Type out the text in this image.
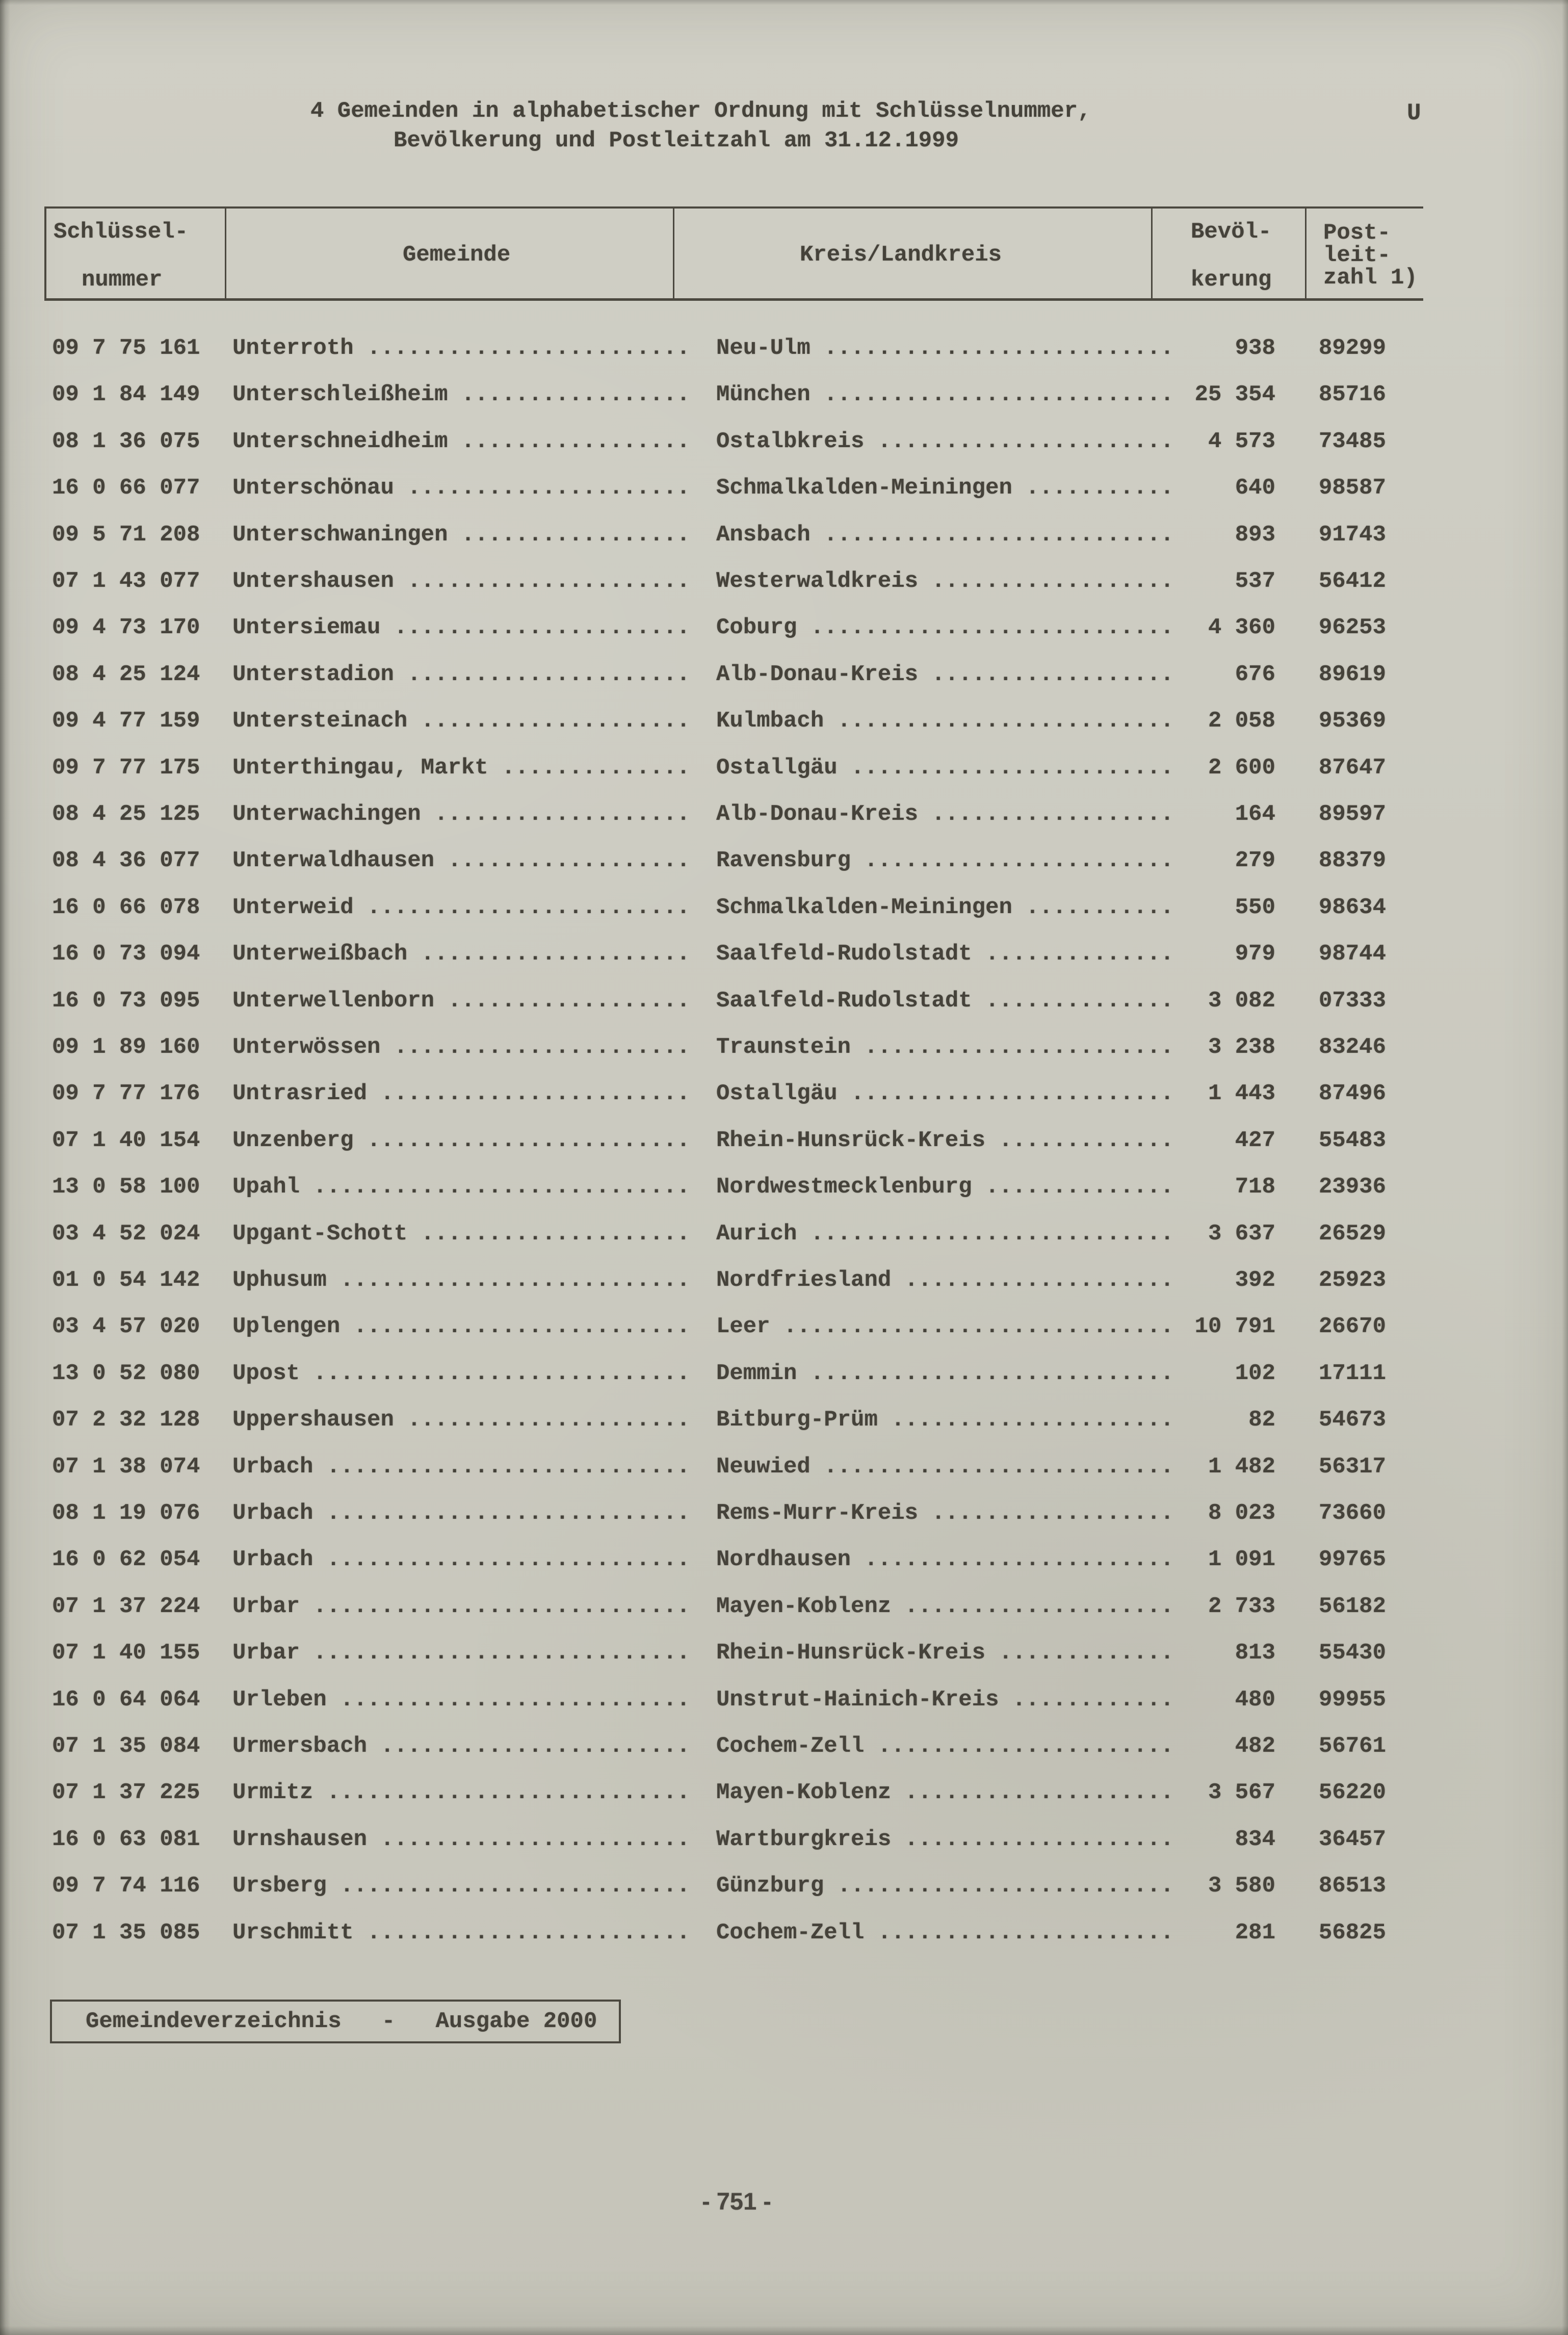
4 Gemeinden in alphabetischer Ordnung mit Schlüsselnummer,
Bevölkerung und Postleitzahl am 31.12.1999
U
Schlüssel-
nummer
Gemeinde	Kreis/Landkreis
Bevöl-
kerung
Post-
leit-
zahl 1)
09 7 75 161 Unterroth ........................ Neu-Ulm ..........................	938	89299
09 1 84 149 Unterschleißheim ................. München .......................... 25 354	85716
08 1 36 075 Unterschneidheim ................. Ostalbkreis ......................	4 573	73485
16 0 66 077 Unterschönau ..................... Schmalkalden-Meiningen ...........	640	98587
09 5 71 208 Unterschwaningen ................. Ansbach ..........................	893	91743
07 1 43 077 Untershausen ..................... Westerwaldkreis ..................	537	56412
09 4 73 170 Untersiemau ...................... Coburg ...........................	4 360	96253
08 4 25 124 Unterstadion ..................... Alb-Donau-Kreis ..................	676	89619
09 4 77 159 Untersteinach .................... Kulmbach .........................	2 058	95369
09 7 77 175 Unterthingau, Markt .............. Ostallgäu ........................	2 600	87647
08 4 25 125 Unterwachingen ................... Alb-Donau-Kreis ..................	164	89597
08 4 36 077 Unterwaldhausen .................. Ravensburg .......................	279	88379
16 0 66 078 Unterweid ........................ Schmalkalden-Meiningen ...........	550	98634
16 0 73 094 Unterweißbach .................... Saalfeld-Rudolstadt ..............	979	98744
16 0 73 095 Unterwellenborn .................. Saalfeld-Rudolstadt ..............	3 082	07333
09 1 89 160 Unterwössen ...................... Traunstein .......................	3 238	83246
09 7 77 176 Untrasried ....................... Ostallgäu ........................	1 443	87496
07 1 40 154 Unzenberg ........................ Rhein-Hunsrück-Kreis .............	427	55483
13 0 58 100 Upahl ............................ Nordwestmecklenburg ..............	718	23936
03 4 52 024 Upgant-Schott .................... Aurich ...........................	3 637	26529
01 0 54 142 Uphusum .......................... Nordfriesland ....................	392	25923
03 4 57 020 Uplengen ......................... Leer ............................. 10 791	26670
13 0 52 080 Upost ............................ Demmin ...........................	102	17111
07 2 32 128 Uppershausen ..................... Bitburg-Prüm .....................	82	54673
07 1 38 074 Urbach ........................... Neuwied ..........................	1 482	56317
08 1 19 076 Urbach ........................... Rems-Murr-Kreis ..................	8 023	73660
16 0 62 054 Urbach ........................... Nordhausen .......................	1 091	99765
07 1 37 224 Urbar ............................ Mayen-Koblenz ....................	2 733	56182
07 1 40 155 Urbar ............................ Rhein-Hunsrück-Kreis .............	813	55430
16 0 64 064 Urleben .......................... Unstrut-Hainich-Kreis ............	480	99955
07 1 35 084 Urmersbach ....................... Cochem-Zell ......................	482	56761
07 1 37 225 Urmitz ........................... Mayen-Koblenz ....................	3 567	56220
16 0 63 081 Urnshausen ....................... Wartburgkreis ....................	834	36457
09 7 74 116 Ursberg .......................... Günzburg .........................	3 580	86513
07 1 35 085 Urschmitt ........................ Cochem-Zell ......................	281	56825
Gemeindeverzeichnis   -   Ausgabe 2000
- 751 -
